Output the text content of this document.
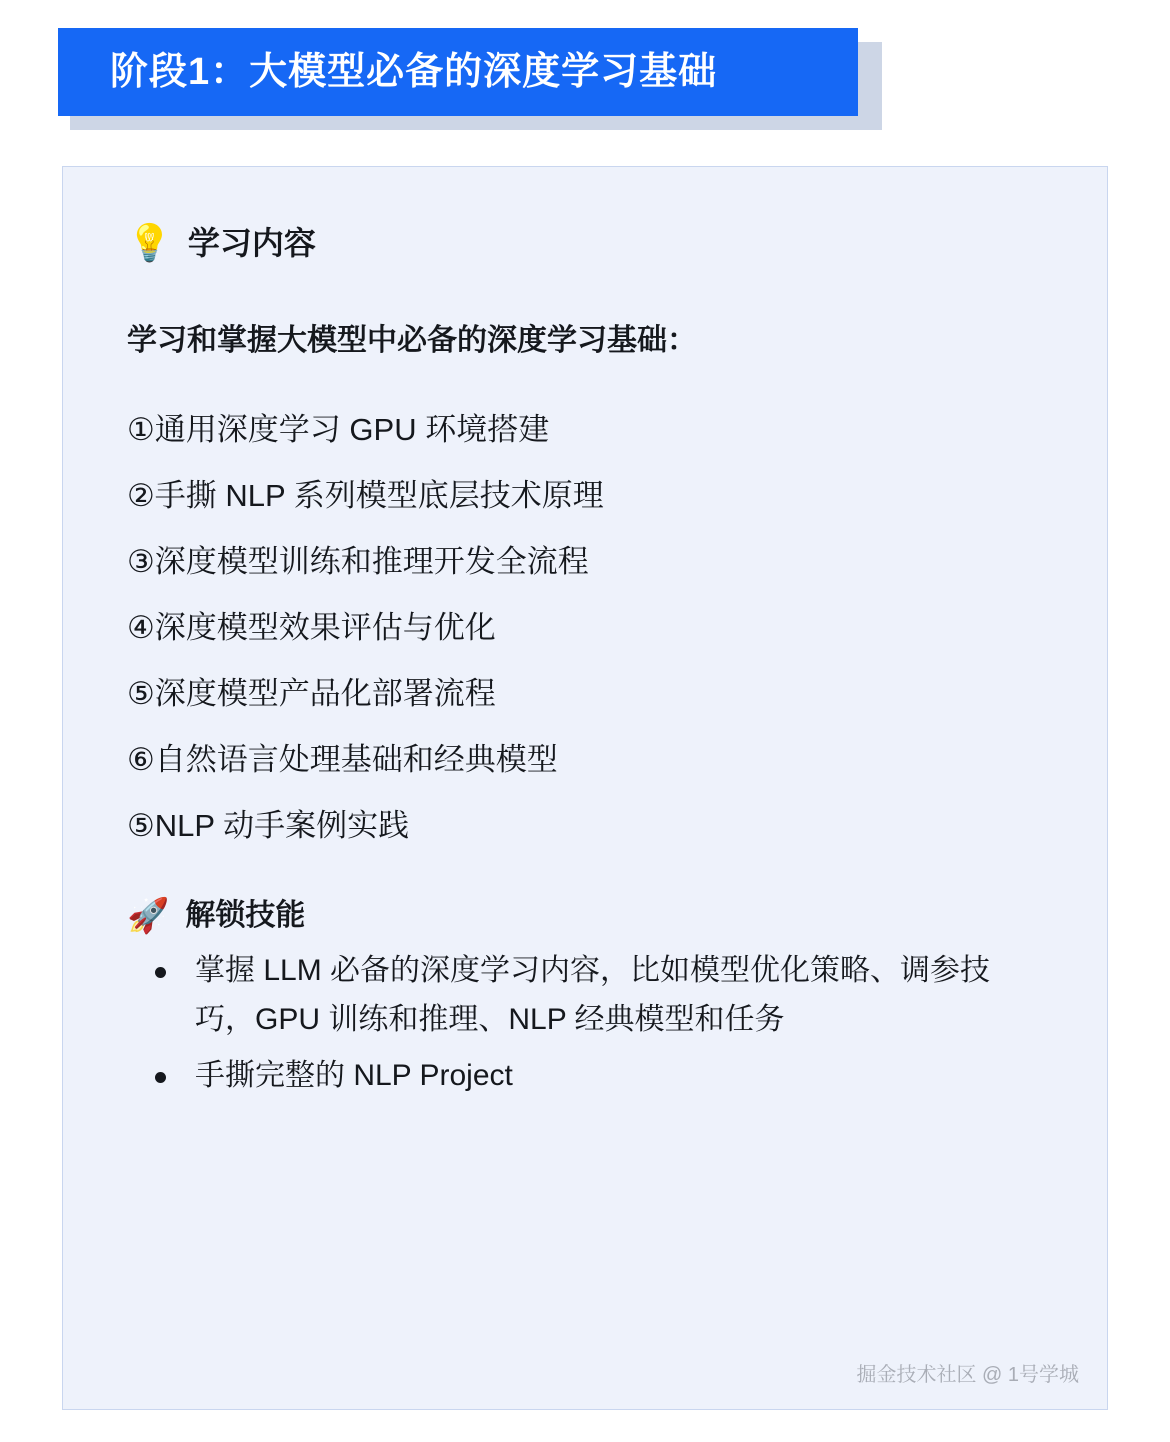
阶段1：大模型必备的深度学习基础
💡 学习内容

学习和掌握大模型中必备的深度学习基础：

①通用深度学习 GPU 环境搭建
②手撕 NLP 系列模型底层技术原理
③深度模型训练和推理开发全流程
④深度模型效果评估与优化
⑤深度模型产品化部署流程
⑥自然语言处理基础和经典模型
⑤NLP 动手案例实践
🚀 解锁技能
掌握 LLM 必备的深度学习内容，比如模型优化策略、调参技巧，GPU 训练和推理、NLP 经典模型和任务
手撕完整的 NLP Project
掘金技术社区 @ 1号学城
